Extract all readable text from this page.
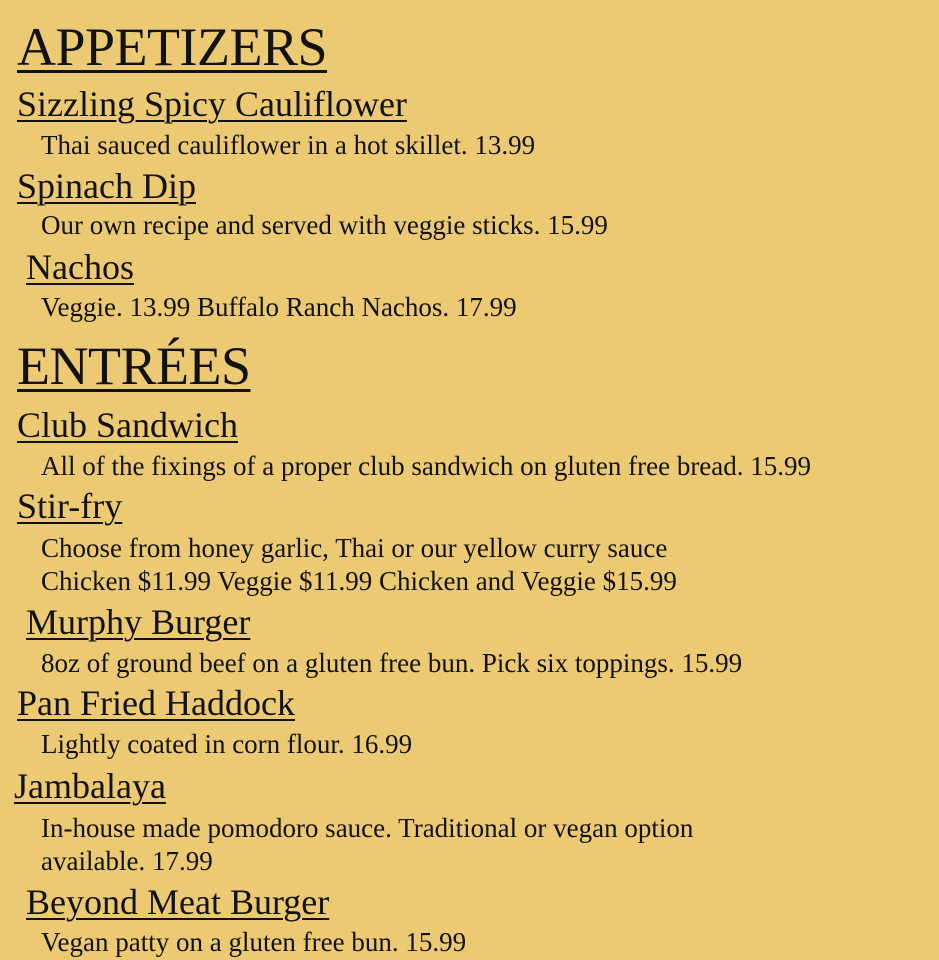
APPETIZERS
Sizzling Spicy Cauliflower

Thai sauced cauliflower in a hot skillet. 13.99

Spinach Dip

Our own recipe and served with veggie sticks. 15.99

Nachos

Veggie. 13.99 Buffalo Ranch Nachos. 17.99

ENTRÉES
Club Sandwich

All of the fixings of a proper club sandwich on gluten free bread. 15.99

Stir-fry

Choose from honey garlic, Thai or our yellow curry sauce

Chicken $11.99 Veggie $11.99 Chicken and Veggie $15.99

Murphy Burger

8oz of ground beef on a gluten free bun. Pick six toppings. 15.99

Pan Fried Haddock

Lightly coated in corn flour. 16.99

Jambalaya

In-house made pomodoro sauce. Traditional or vegan option

available. 17.99

Beyond Meat Burger

Vegan patty on a gluten free bun. 15.99
